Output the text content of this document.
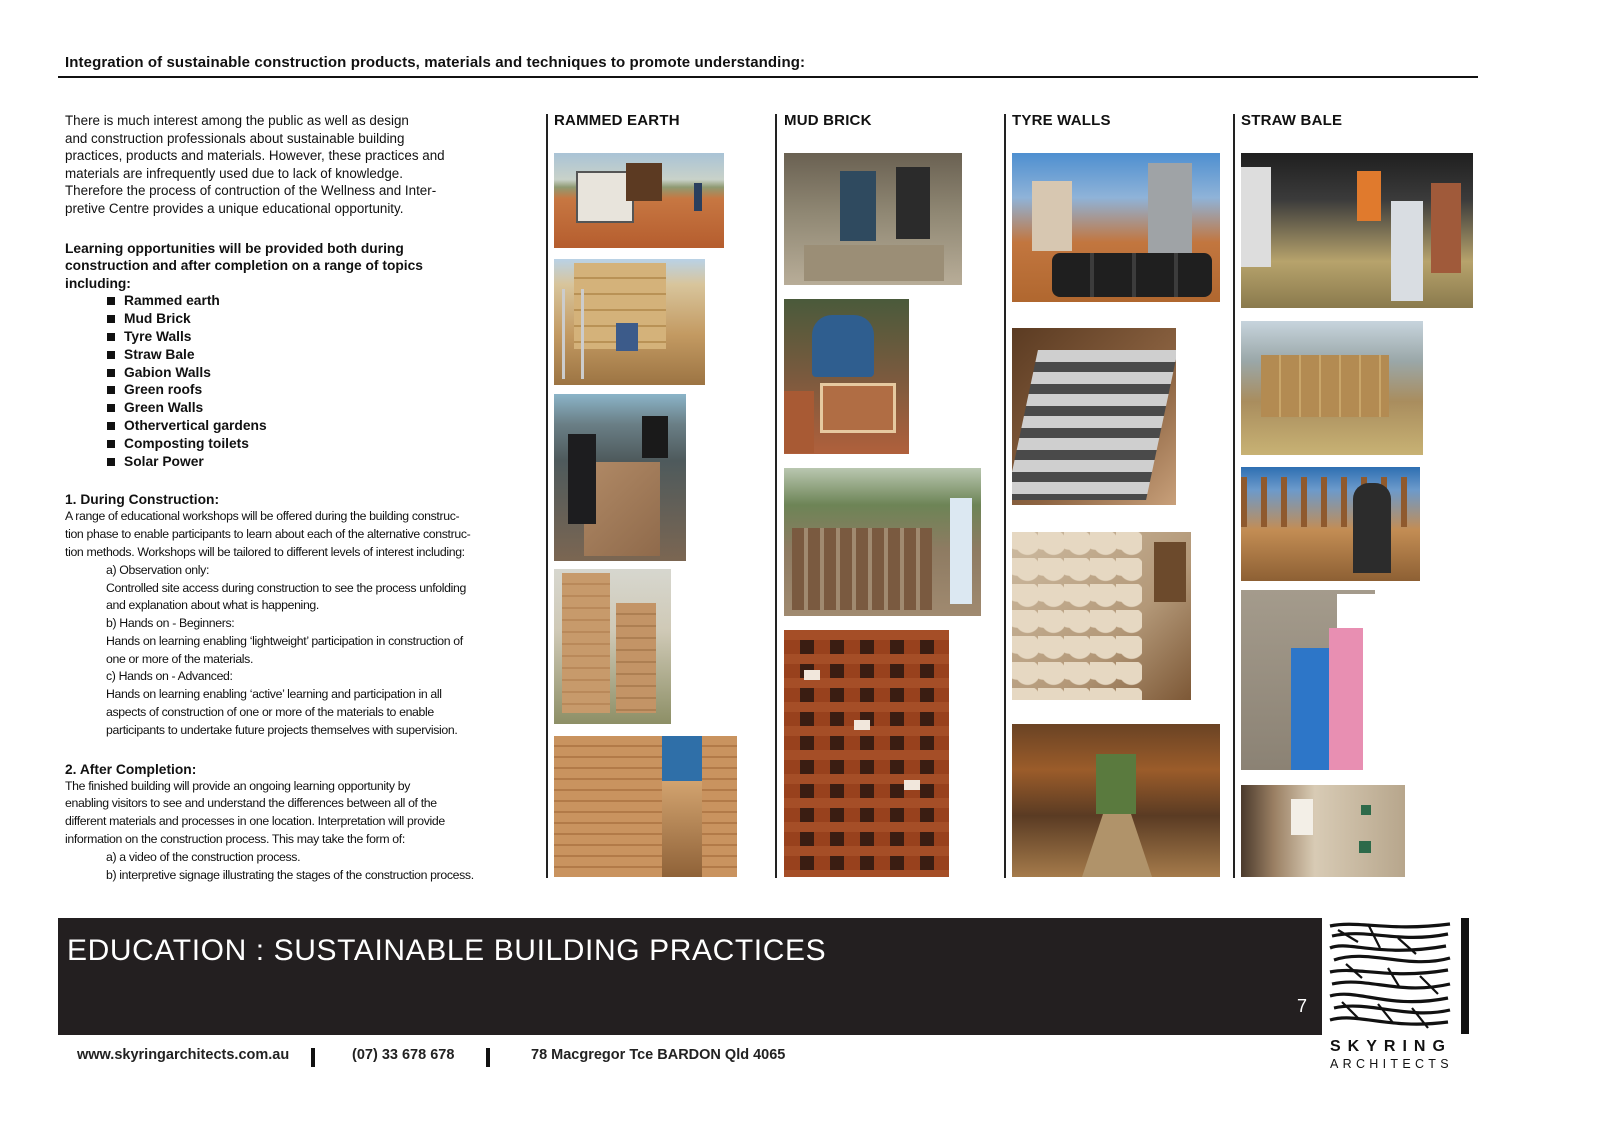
Integration of sustainable construction products, materials and techniques to promote understanding:
There is much interest among the public as well as design
and construction professionals about sustainable building
practices, products and materials. However, these practices and
materials are infrequently used due to lack of knowledge.
Therefore the process of contruction of the Wellness and Inter-
pretive Centre provides a unique educational opportunity.
Learning opportunities will be provided both during
construction and after completion on a range of topics
including:
Rammed earth
Mud Brick
Tyre Walls
Straw Bale
Gabion Walls
Green roofs
Green Walls
Othervertical gardens
Composting toilets
Solar Power
1. During Construction:
A range of educational workshops will be offered during the building construc-
tion phase to enable participants to learn about each of the alternative construc-
tion methods. Workshops will be tailored to different levels of interest including:
a) Observation only:
Controlled site access during construction to see the process unfolding
and explanation about what is happening.
b) Hands on - Beginners:
Hands on learning enabling ‘lightweight’ participation in construction of
one or more of the materials.
c) Hands on - Advanced:
Hands on learning enabling ‘active’ learning and participation in all
aspects of construction of one or more of the materials to enable
participants to undertake future projects themselves with supervision.
2. After Completion:
The finished building will provide an ongoing learning opportunity by
enabling visitors to see and understand the differences between all of the
different materials and processes in one location. Interpretation will provide
information on the construction process. This may take the form of:
a) a video of the construction process.
b) interpretive signage illustrating the stages of the construction process.
RAMMED EARTH	MUD BRICK	TYRE WALLS	STRAW BALE
EDUCATION : SUSTAINABLE BUILDING PRACTICES
7
SKYRING
ARCHITECTS
www.skyringarchitects.com.au	(07) 33 678 678	78 Macgregor Tce BARDON Qld 4065
